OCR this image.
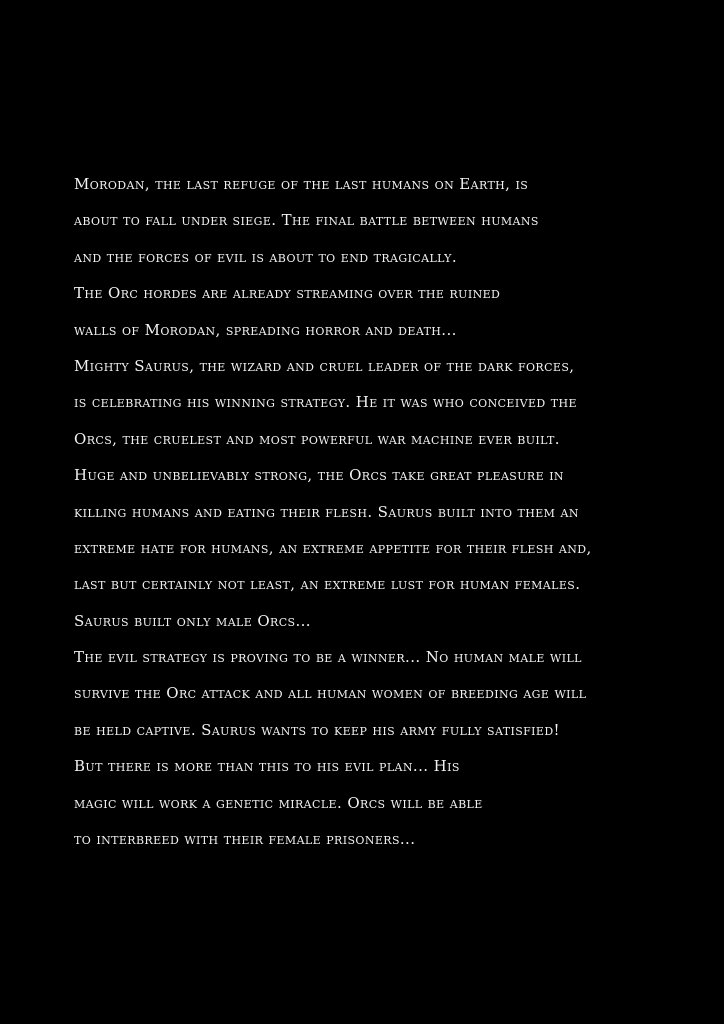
Morodan, the last refuge of the last humans on Earth, is
about to fall under siege. The final battle between humans
and the forces of evil is about to end tragically.
The Orc hordes are already streaming over the ruined
walls of Morodan, spreading horror and death...
Mighty Saurus, the wizard and cruel leader of the dark forces,
is celebrating his winning strategy. He it was who conceived the
Orcs, the cruelest and most powerful war machine ever built.
Huge and unbelievably strong, the Orcs take great pleasure in
killing humans and eating their flesh. Saurus built into them an
extreme hate for humans, an extreme appetite for their flesh and,
last but certainly not least, an extreme lust for human females.
Saurus built only male Orcs...
The evil strategy is proving to be a winner... No human male will
survive the Orc attack and all human women of breeding age will
be held captive. Saurus wants to keep his army fully satisfied!
But there is more than this to his evil plan... His
magic will work a genetic miracle. Orcs will be able
to interbreed with their female prisoners...
